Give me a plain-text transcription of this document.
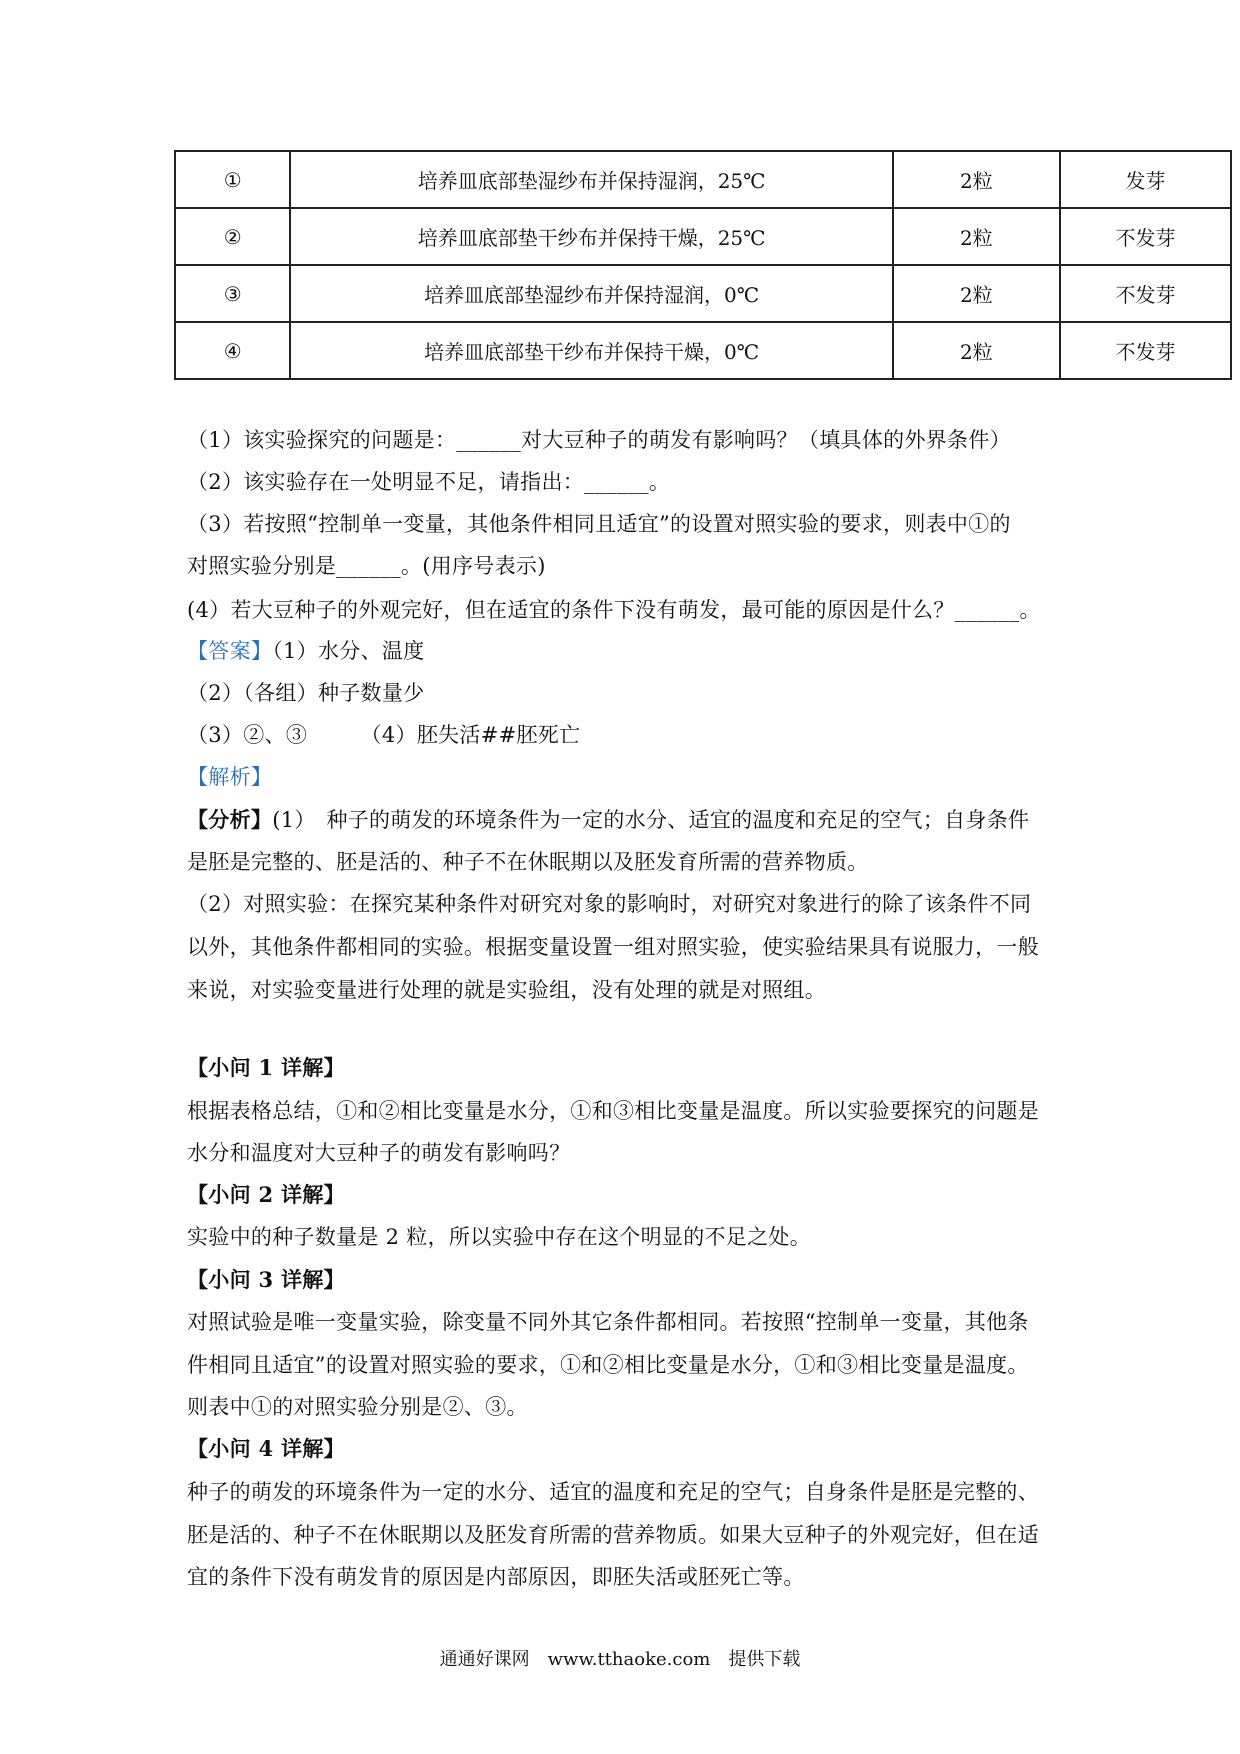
①	培养皿底部垫湿纱布并保持湿润，25℃	2粒	发芽
②	培养皿底部垫干纱布并保持干燥，25℃	2粒	不发芽
③	培养皿底部垫湿纱布并保持湿润，0℃	2粒	不发芽
④	培养皿底部垫干纱布并保持干燥，0℃	2粒	不发芽
（1）该实验探究的问题是：______对大豆种子的萌发有影响吗？（填具体的外界条件）
（2）该实验存在一处明显不足，请指出：______。
（3）若按照“控制单一变量，其他条件相同且适宜”的设置对照实验的要求，则表中①的
对照实验分别是______。(用序号表示)
(4）若大豆种子的外观完好，但在适宜的条件下没有萌发，最可能的原因是什么？______。
【答案】（1）水分、温度
（2）（各组）种子数量少
（3）②、③　　　（4）胚失活##胚死亡
【解析】
【分析】(1）　种子的萌发的环境条件为一定的水分、适宜的温度和充足的空气；自身条件
是胚是完整的、胚是活的、种子不在休眠期以及胚发育所需的营养物质。
（2）对照实验：在探究某种条件对研究对象的影响时，对研究对象进行的除了该条件不同
以外，其他条件都相同的实验。根据变量设置一组对照实验，使实验结果具有说服力，一般
来说，对实验变量进行处理的就是实验组，没有处理的就是对照组。
【小问 1 详解】
根据表格总结，①和②相比变量是水分，①和③相比变量是温度。所以实验要探究的问题是
水分和温度对大豆种子的萌发有影响吗？
【小问 2 详解】
实验中的种子数量是 2 粒，所以实验中存在这个明显的不足之处。
【小问 3 详解】
对照试验是唯一变量实验，除变量不同外其它条件都相同。若按照“控制单一变量，其他条
件相同且适宜”的设置对照实验的要求，①和②相比变量是水分，①和③相比变量是温度。
则表中①的对照实验分别是②、③。
【小问 4 详解】
种子的萌发的环境条件为一定的水分、适宜的温度和充足的空气；自身条件是胚是完整的、
胚是活的、种子不在休眠期以及胚发育所需的营养物质。如果大豆种子的外观完好，但在适
宜的条件下没有萌发肯的原因是内部原因，即胚失活或胚死亡等。
通通好课网　www.tthaoke.com　提供下载
